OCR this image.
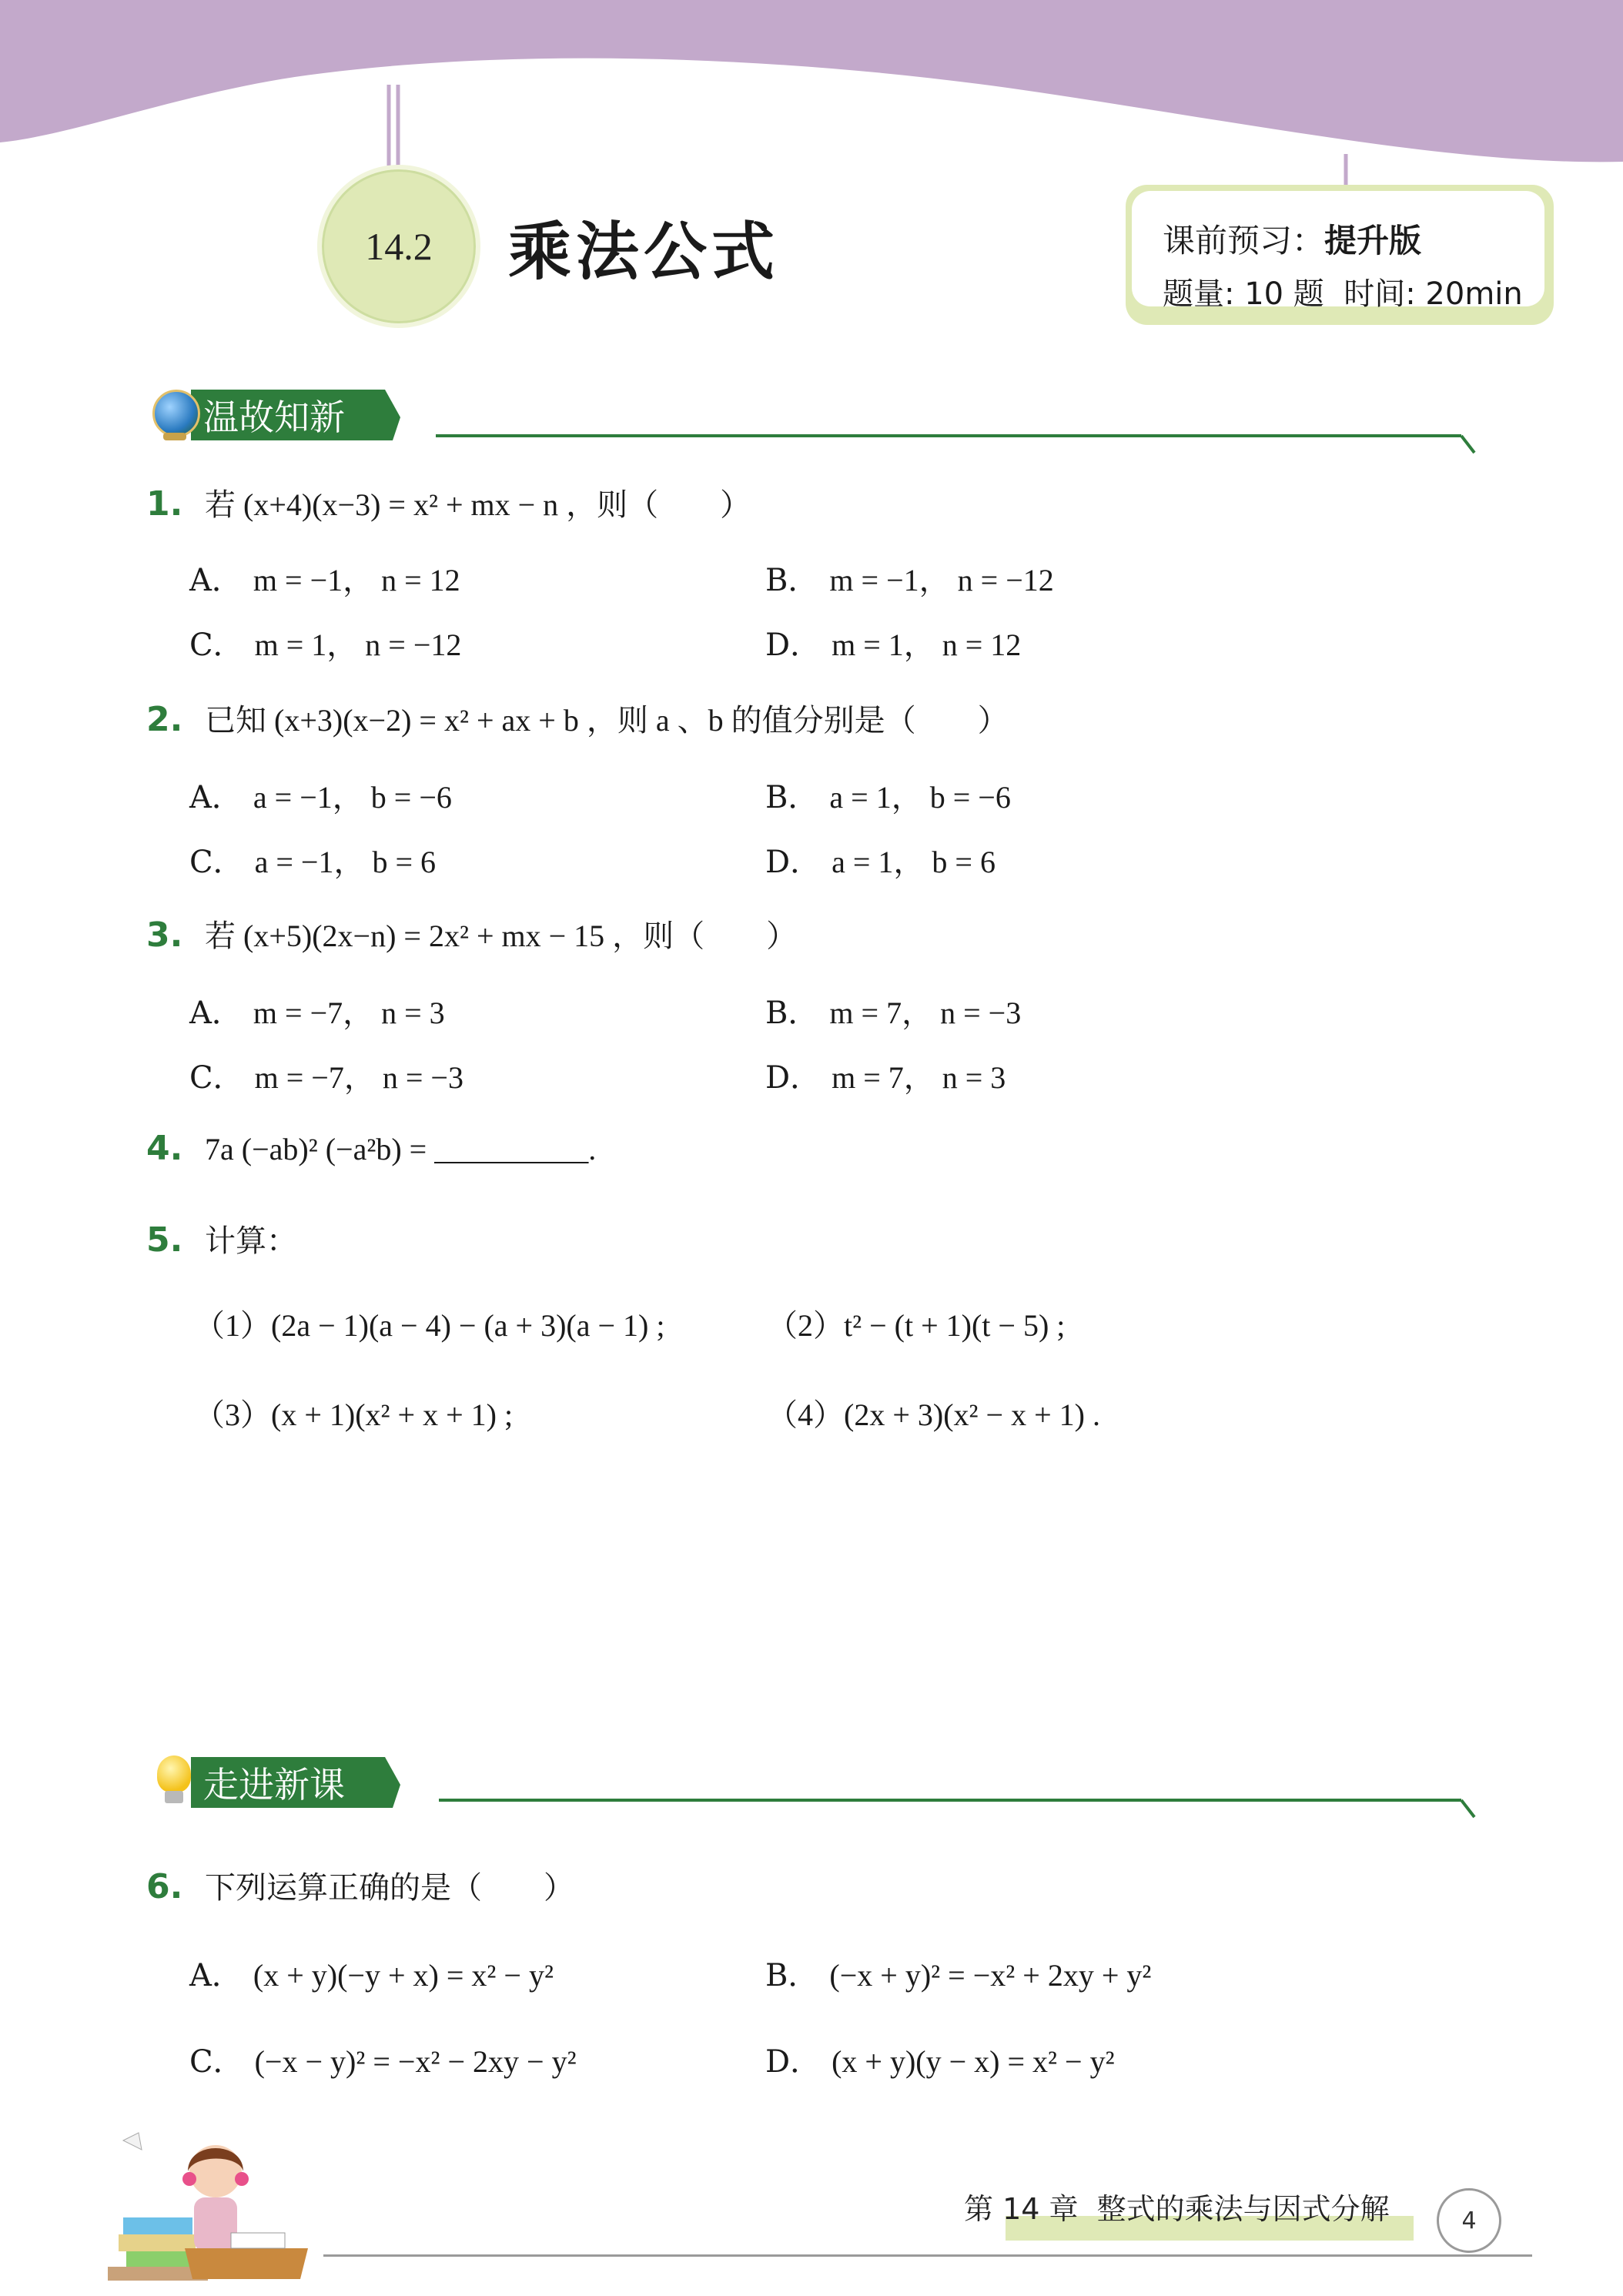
14.2 乘法公式	课前预习：提升版
题量: 10 题  时间: 20min
温故知新
1. 若 (x+4)(x−3) = x² + mx − n ，则（　　）
A． m = −1， n = 12	B． m = −1， n = −12
C． m = 1， n = −12	D． m = 1， n = 12
2. 已知 (x+3)(x−2) = x² + ax + b ，则 a 、b 的值分别是（　　）
A． a = −1， b = −6	B． a = 1， b = −6
C． a = −1， b = 6	D． a = 1， b = 6
3. 若 (x+5)(2x−n) = 2x² + mx − 15 ，则（　　）
A． m = −7， n = 3	B． m = 7， n = −3
C． m = −7， n = −3	D． m = 7， n = 3
4. 7a (−ab)² (−a²b) = __________.
5. 计算：
（1）(2a − 1)(a − 4) − (a + 3)(a − 1) ;	（2）t² − (t + 1)(t − 5) ;
（3）(x + 1)(x² + x + 1) ;	（4）(2x + 3)(x² − x + 1) .
走进新课
6. 下列运算正确的是（　　）
A． (x + y)(−y + x) = x² − y²	B． (−x + y)² = −x² + 2xy + y²
C． (−x − y)² = −x² − 2xy − y²	D． (x + y)(y − x) = x² − y²
第 14 章  整式的乘法与因式分解	4
